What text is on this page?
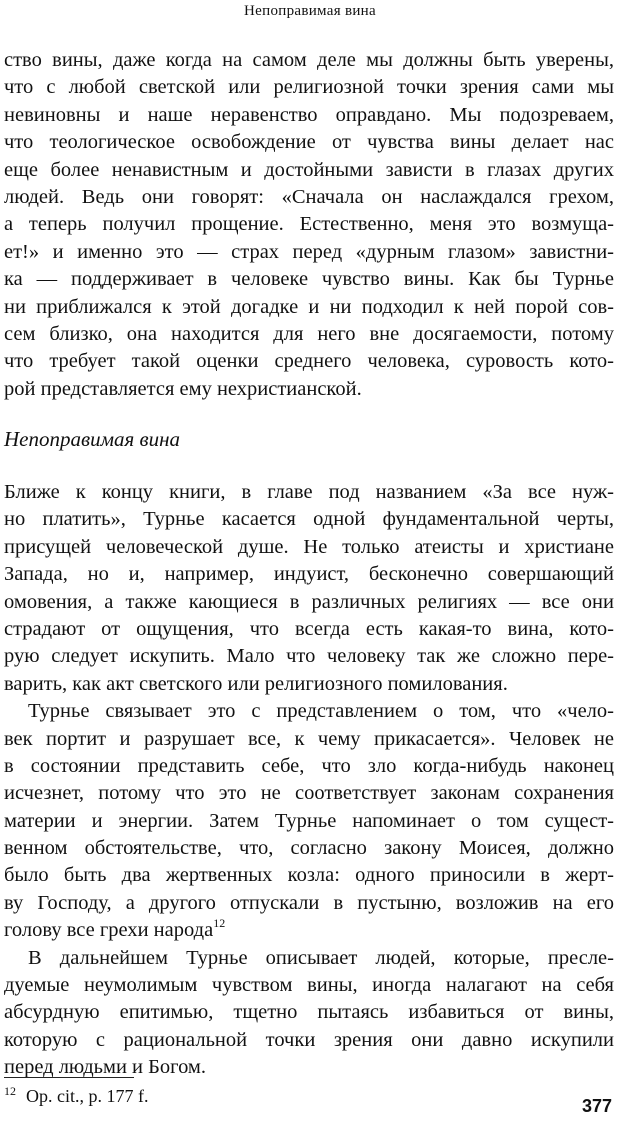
Непоправимая вина
ство вины, даже когда на самом деле мы должны быть уверены,
что с любой светской или религиозной точки зрения сами мы
невиновны и наше неравенство оправдано. Мы подозреваем,
что теологическое освобождение от чувства вины делает нас
еще более ненавистным и достойными зависти в глазах других
людей. Ведь они говорят: «Сначала он наслаждался грехом,
а теперь получил прощение. Естественно, меня это возмуща-
ет!» и именно это — страх перед «дурным глазом» завистни-
ка — поддерживает в человеке чувство вины. Как бы Турнье
ни приближался к этой догадке и ни подходил к ней порой сов-
сем близко, она находится для него вне досягаемости, потому
что требует такой оценки среднего человека, суровость кото-
рой представляется ему нехристианской.
Непоправимая вина
Ближе к концу книги, в главе под названием «За все нуж-
но платить», Турнье касается одной фундаментальной черты,
присущей человеческой душе. Не только атеисты и христиане
Запада, но и, например, индуист, бесконечно совершающий
омовения, а также кающиеся в различных религиях — все они
страдают от ощущения, что всегда есть какая-то вина, кото-
рую следует искупить. Мало что человеку так же сложно пере-
варить, как акт светского или религиозного помилования.
Турнье связывает это с представлением о том, что «чело-
век портит и разрушает все, к чему прикасается». Человек не
в состоянии представить себе, что зло когда-нибудь наконец
исчезнет, потому что это не соответствует законам сохранения
материи и энергии. Затем Турнье напоминает о том сущест-
венном обстоятельстве, что, согласно закону Моисея, должно
было быть два жертвенных козла: одного приносили в жерт-
ву Господу, а другого отпускали в пустыню, возложив на его
голову все грехи народа$^{12}$
В дальнейшем Турнье описывает людей, которые, пресле-
дуемые неумолимым чувством вины, иногда налагают на себя
абсурдную епитимью, тщетно пытаясь избавиться от вины,
которую с рациональной точки зрения они давно искупили
перед людьми и Богом.
$^{12}$ Op. cit., p. 177 f.	377
